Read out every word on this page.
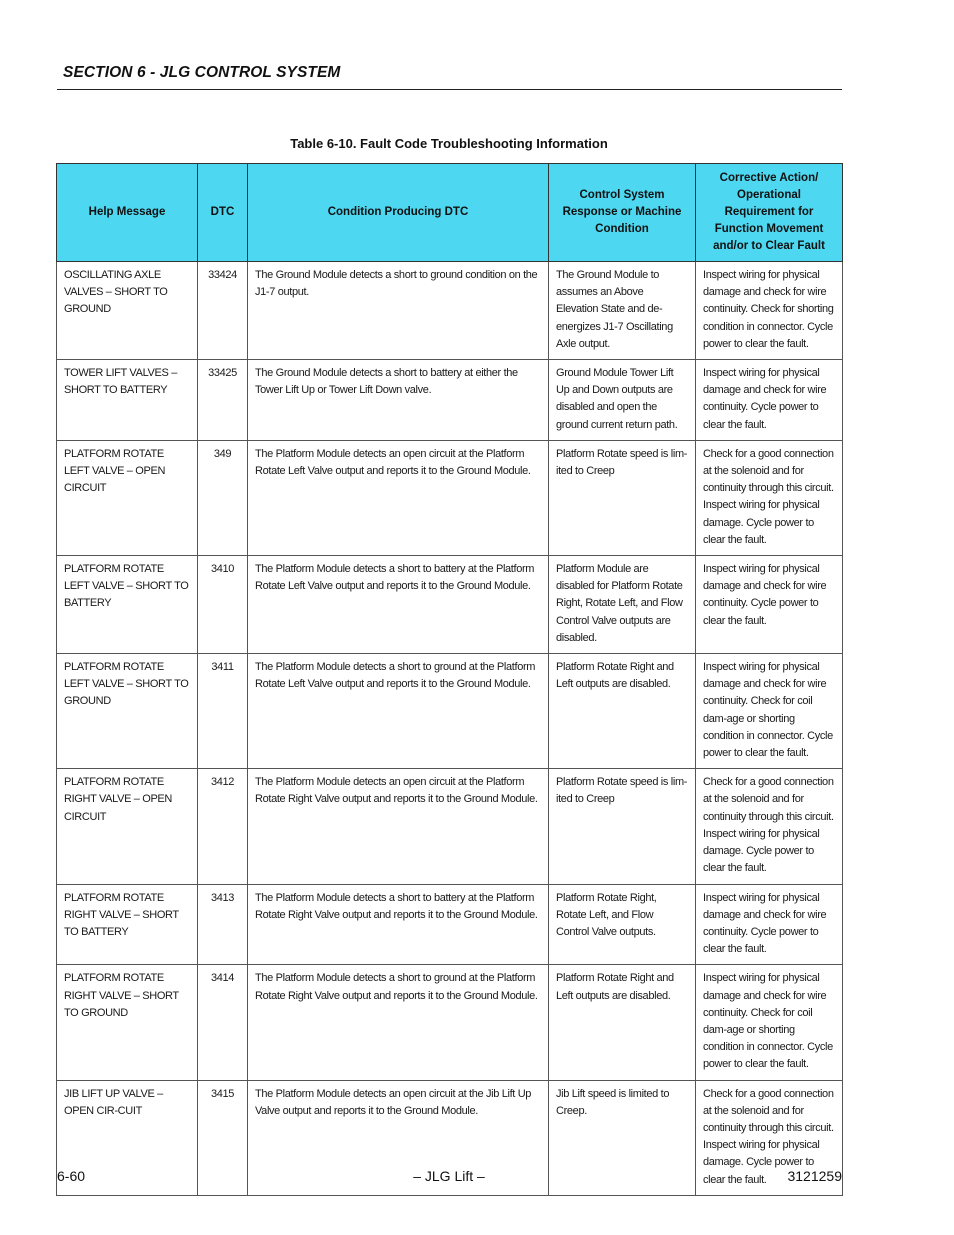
SECTION 6 - JLG CONTROL SYSTEM
Table 6-10. Fault Code Troubleshooting Information
Help Message	DTC	Condition Producing DTC	Control System Response or Machine Condition	Corrective Action/ Operational Requirement for Function Movement and/or to Clear Fault
OSCILLATING AXLE VALVES – SHORT TO GROUND	33424	The Ground Module detects a short to ground condition on the J1-7 output.	The Ground Module to assumes an Above Elevation State and de-energizes J1-7 Oscillating Axle output.	Inspect wiring for physical damage and check for wire continuity. Check for shorting condition in connector. Cycle power to clear the fault.
TOWER LIFT VALVES – SHORT TO BATTERY	33425	The Ground Module detects a short to battery at either the Tower Lift Up or Tower Lift Down valve.	Ground Module Tower Lift Up and Down outputs are disabled and open the ground current return path.	Inspect wiring for physical damage and check for wire continuity. Cycle power to clear the fault.
PLATFORM ROTATE LEFT VALVE – OPEN CIRCUIT	349	The Platform Module detects an open circuit at the Platform Rotate Left Valve output and reports it to the Ground Module.	Platform Rotate speed is lim-ited to Creep	Check for a good connection at the solenoid and for continuity through this circuit. Inspect wiring for physical damage. Cycle power to clear the fault.
PLATFORM ROTATE LEFT VALVE – SHORT TO BATTERY	3410	The Platform Module detects a short to battery at the Platform Rotate Left Valve output and reports it to the Ground Module.	Platform Module are disabled for Platform Rotate Right, Rotate Left, and Flow Control Valve outputs are disabled.	Inspect wiring for physical damage and check for wire continuity. Cycle power to clear the fault.
PLATFORM ROTATE LEFT VALVE – SHORT TO GROUND	3411	The Platform Module detects a short to ground at the Platform Rotate Left Valve output and reports it to the Ground Module.	Platform Rotate Right and Left outputs are disabled.	Inspect wiring for physical damage and check for wire continuity. Check for coil dam-age or shorting condition in connector. Cycle power to clear the fault.
PLATFORM ROTATE RIGHT VALVE – OPEN CIRCUIT	3412	The Platform Module detects an open circuit at the Platform Rotate Right Valve output and reports it to the Ground Module.	Platform Rotate speed is lim-ited to Creep	Check for a good connection at the solenoid and for continuity through this circuit. Inspect wiring for physical damage. Cycle power to clear the fault.
PLATFORM ROTATE RIGHT VALVE – SHORT TO BATTERY	3413	The Platform Module detects a short to battery at the Platform Rotate Right Valve output and reports it to the Ground Module.	Platform Rotate Right, Rotate Left, and Flow Control Valve outputs.	Inspect wiring for physical damage and check for wire continuity. Cycle power to clear the fault.
PLATFORM ROTATE RIGHT VALVE – SHORT TO GROUND	3414	The Platform Module detects a short to ground at the Platform Rotate Right Valve output and reports it to the Ground Module.	Platform Rotate Right and Left outputs are disabled.	Inspect wiring for physical damage and check for wire continuity. Check for coil dam-age or shorting condition in connector. Cycle power to clear the fault.
JIB LIFT UP VALVE – OPEN CIR-CUIT	3415	The Platform Module detects an open circuit at the Jib Lift Up Valve output and reports it to the Ground Module.	Jib Lift speed is limited to Creep.	Check for a good connection at the solenoid and for continuity through this circuit. Inspect wiring for physical damage. Cycle power to clear the fault.
6-60	– JLG Lift –	3121259
